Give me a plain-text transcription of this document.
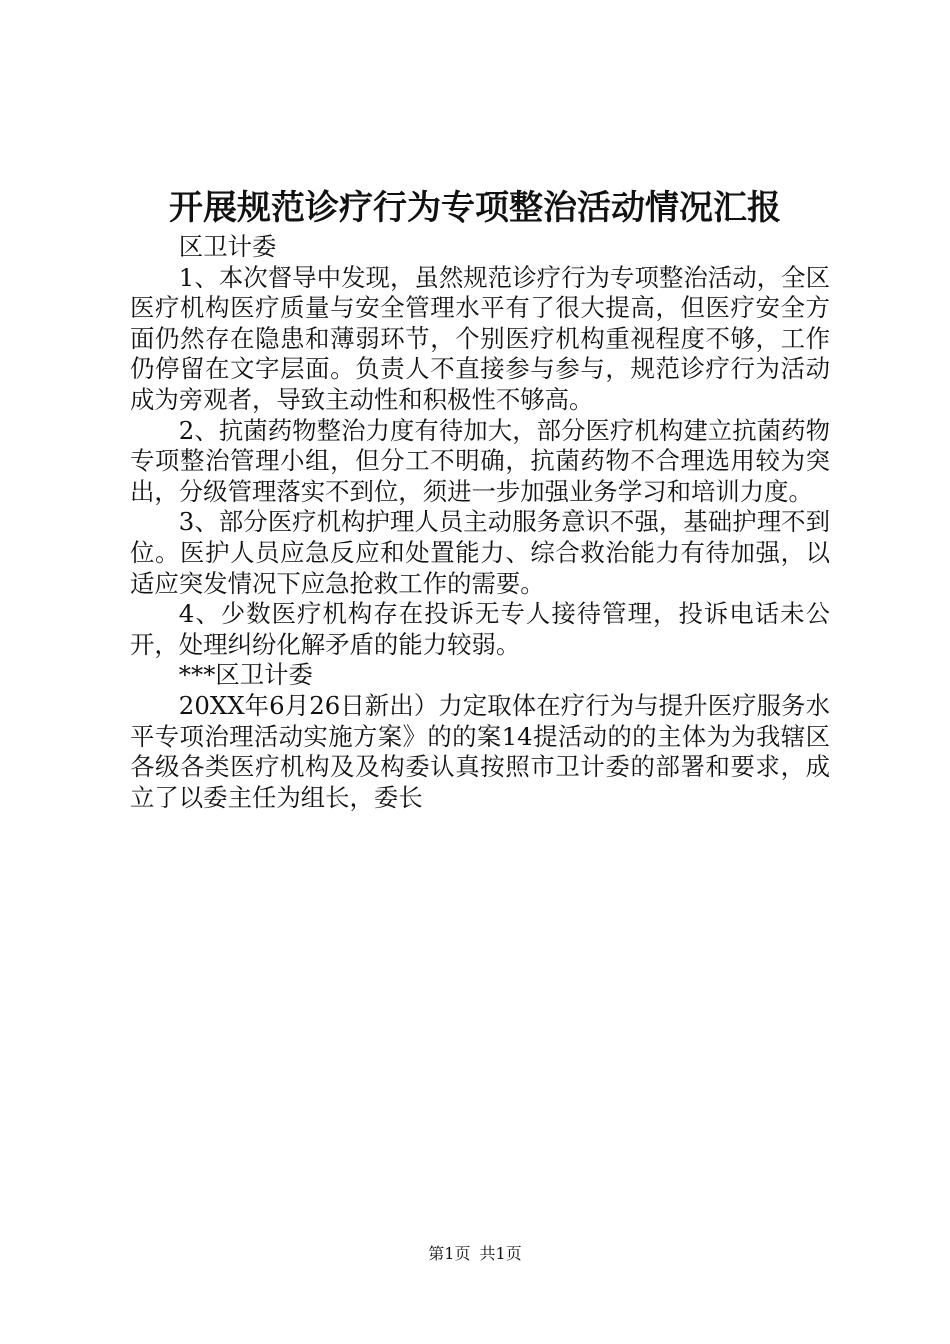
开展规范诊疗行为专项整治活动情况汇报

区卫计委

1、本次督导中发现，虽然规范诊疗行为专项整治活动，全区医疗机构医疗质量与安全管理水平有了很大提高，但医疗安全方面仍然存在隐患和薄弱环节，个别医疗机构重视程度不够，工作仍停留在文字层面。负责人不直接参与参与，规范诊疗行为活动成为旁观者，导致主动性和积极性不够高。

2、抗菌药物整治力度有待加大，部分医疗机构建立抗菌药物专项整治管理小组，但分工不明确，抗菌药物不合理选用较为突出，分级管理落实不到位，须进一步加强业务学习和培训力度。

3、部分医疗机构护理人员主动服务意识不强，基础护理不到位。医护人员应急反应和处置能力、综合救治能力有待加强，以适应突发情况下应急抢救工作的需要。

4、少数医疗机构存在投诉无专人接待管理，投诉电话未公开，处理纠纷化解矛盾的能力较弱。

***区卫计委

20XX年6月26日新出）力定取体在疗行为与提升医疗服务水平专项治理活动实施方案》的的案14提活动的的主体为为我辖区各级各类医疗机构及及构委认真按照市卫计委的部署和要求，成立了以委主任为组长，委长

第1页 共1页
